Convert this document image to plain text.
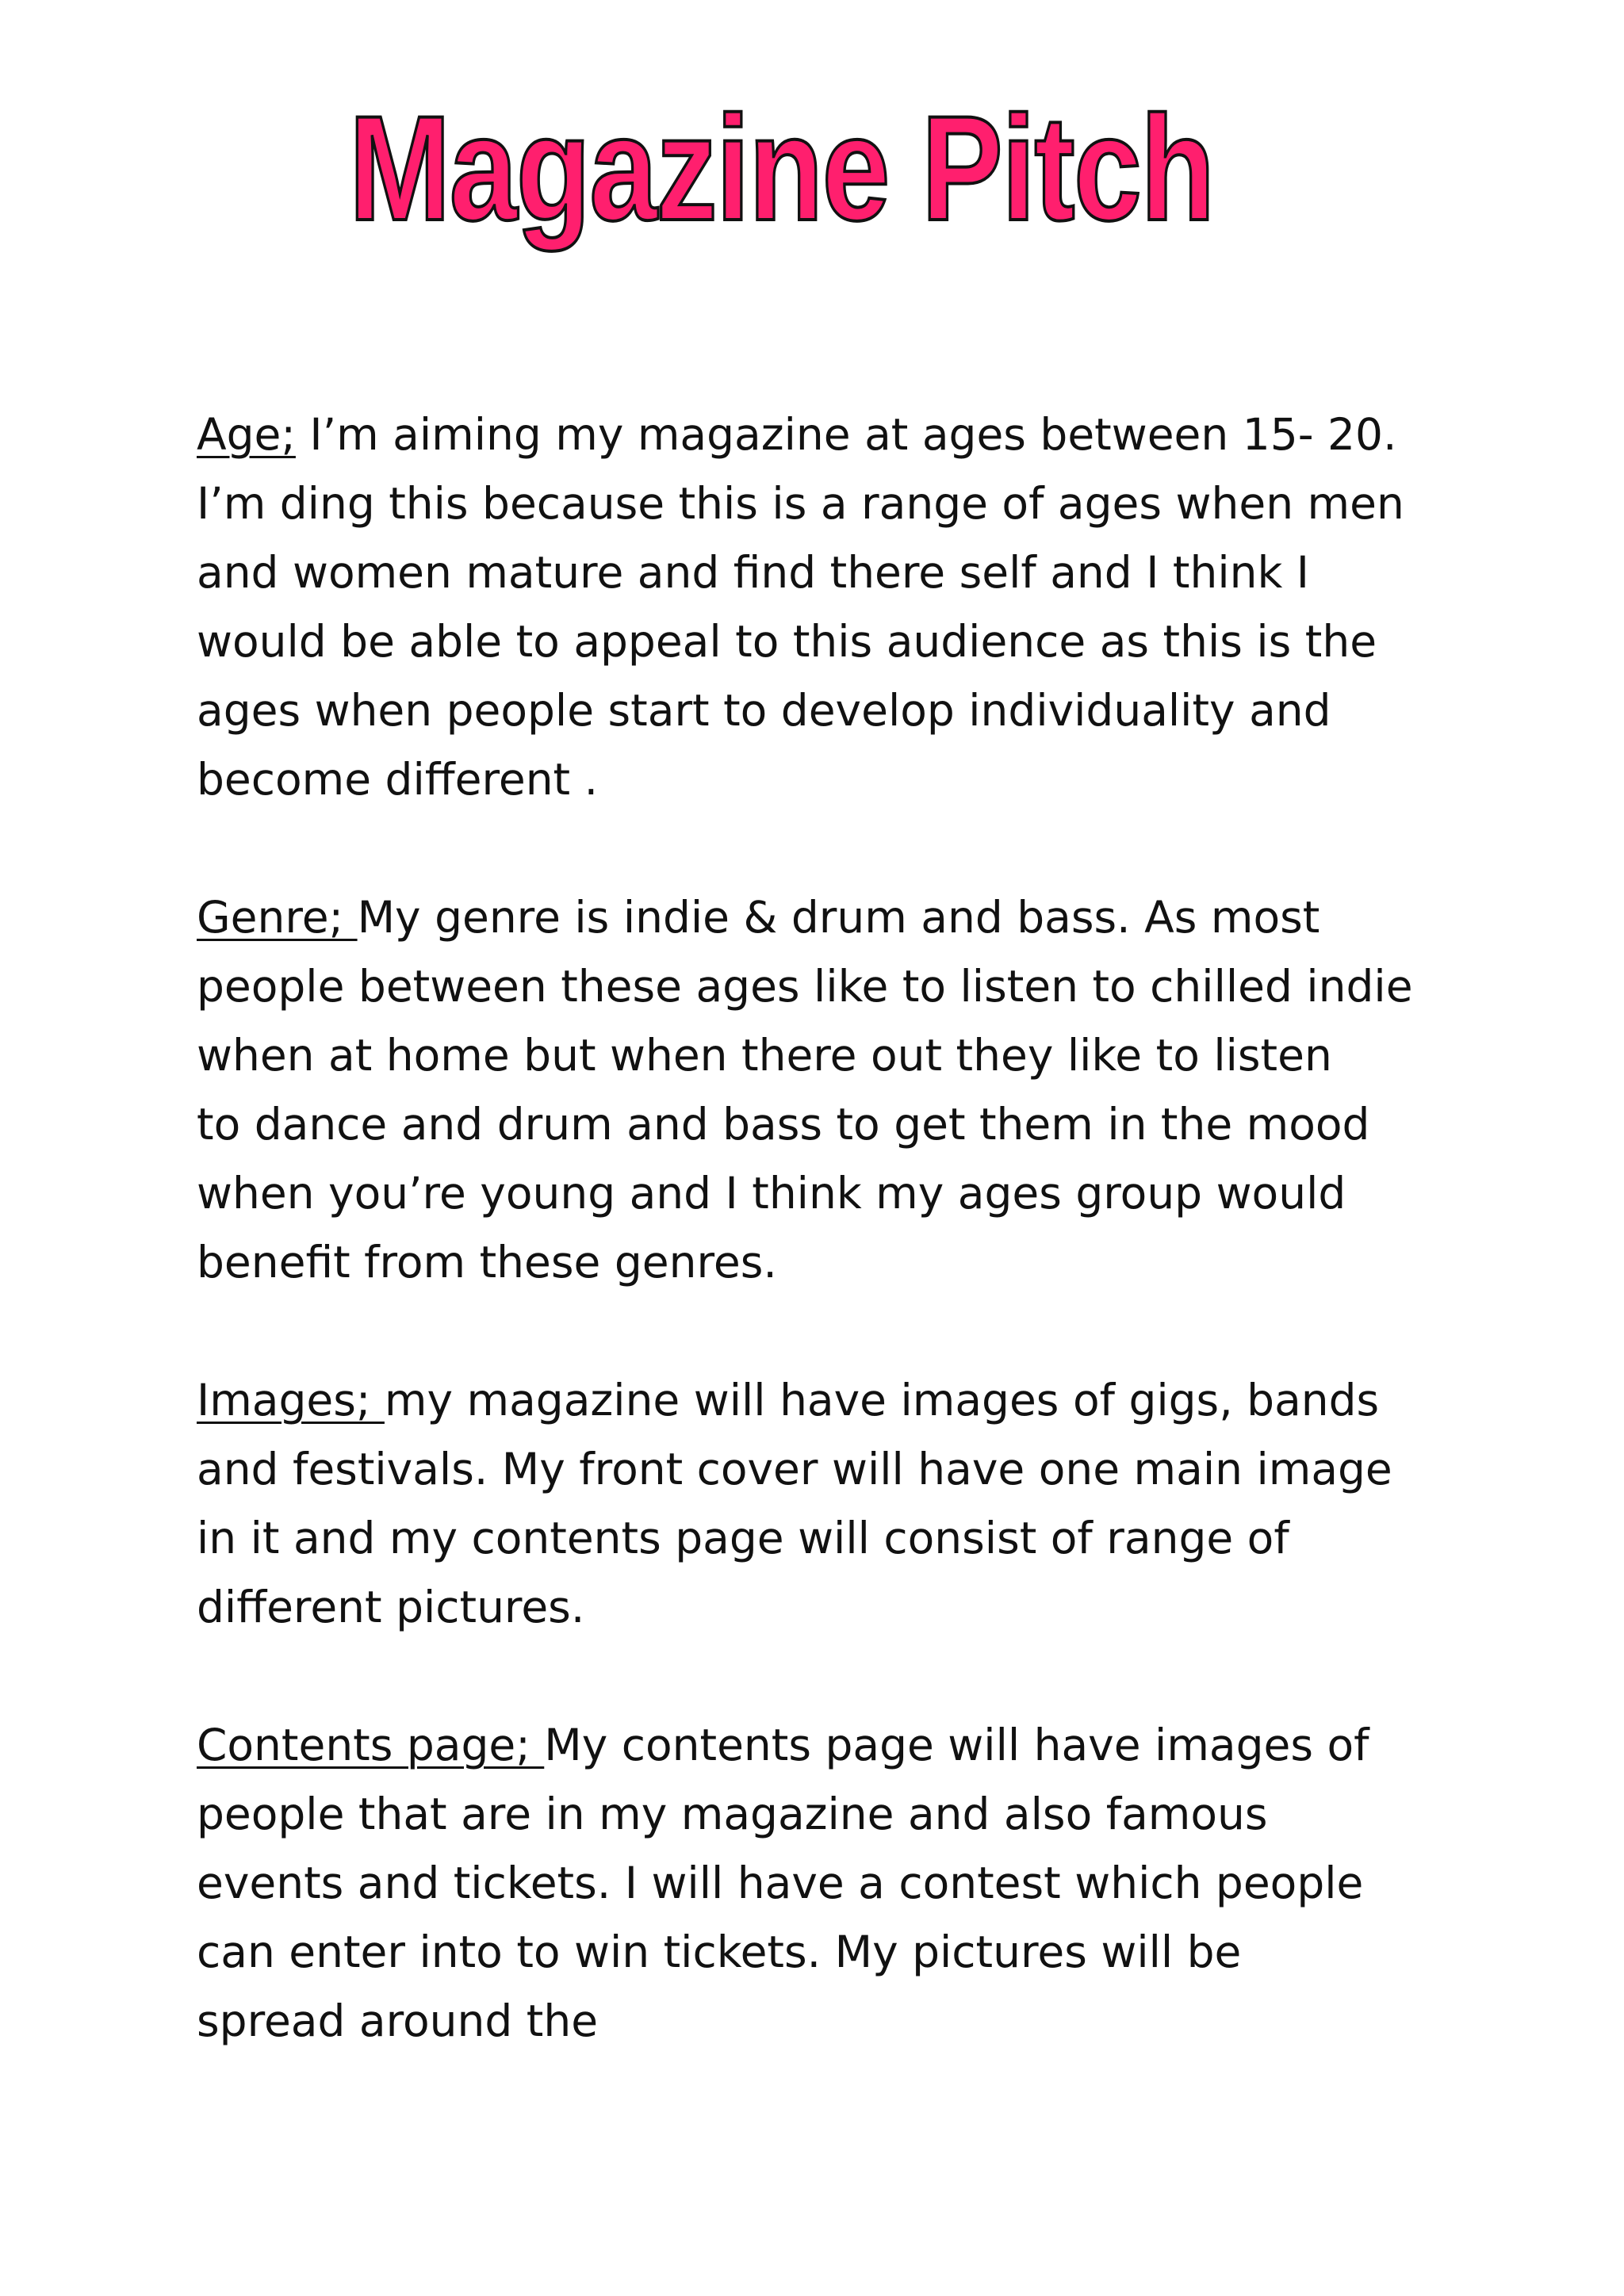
Magazine Pitch
Age; I’m aiming my magazine at ages between 15- 20.
I’m ding this because this is a range of ages when men
and women mature and find there self and I think I
would be able to appeal to this audience as this is the
ages when people start to develop individuality and
become different .
Genre; My genre is indie & drum and bass. As most
people between these ages like to listen to chilled indie
when at home but when there out they like to listen
to dance and drum and bass to get them in the mood
when you’re young and I think my ages group would
benefit from these genres.
Images; my magazine will have images of gigs, bands
and festivals. My front cover will have one main image
in it and my contents page will consist of range of
different pictures.
Contents page; My contents page will have images of
people that are in my magazine and also famous
events and tickets. I will have a contest which people
can enter into to win tickets. My pictures will be
spread around the
